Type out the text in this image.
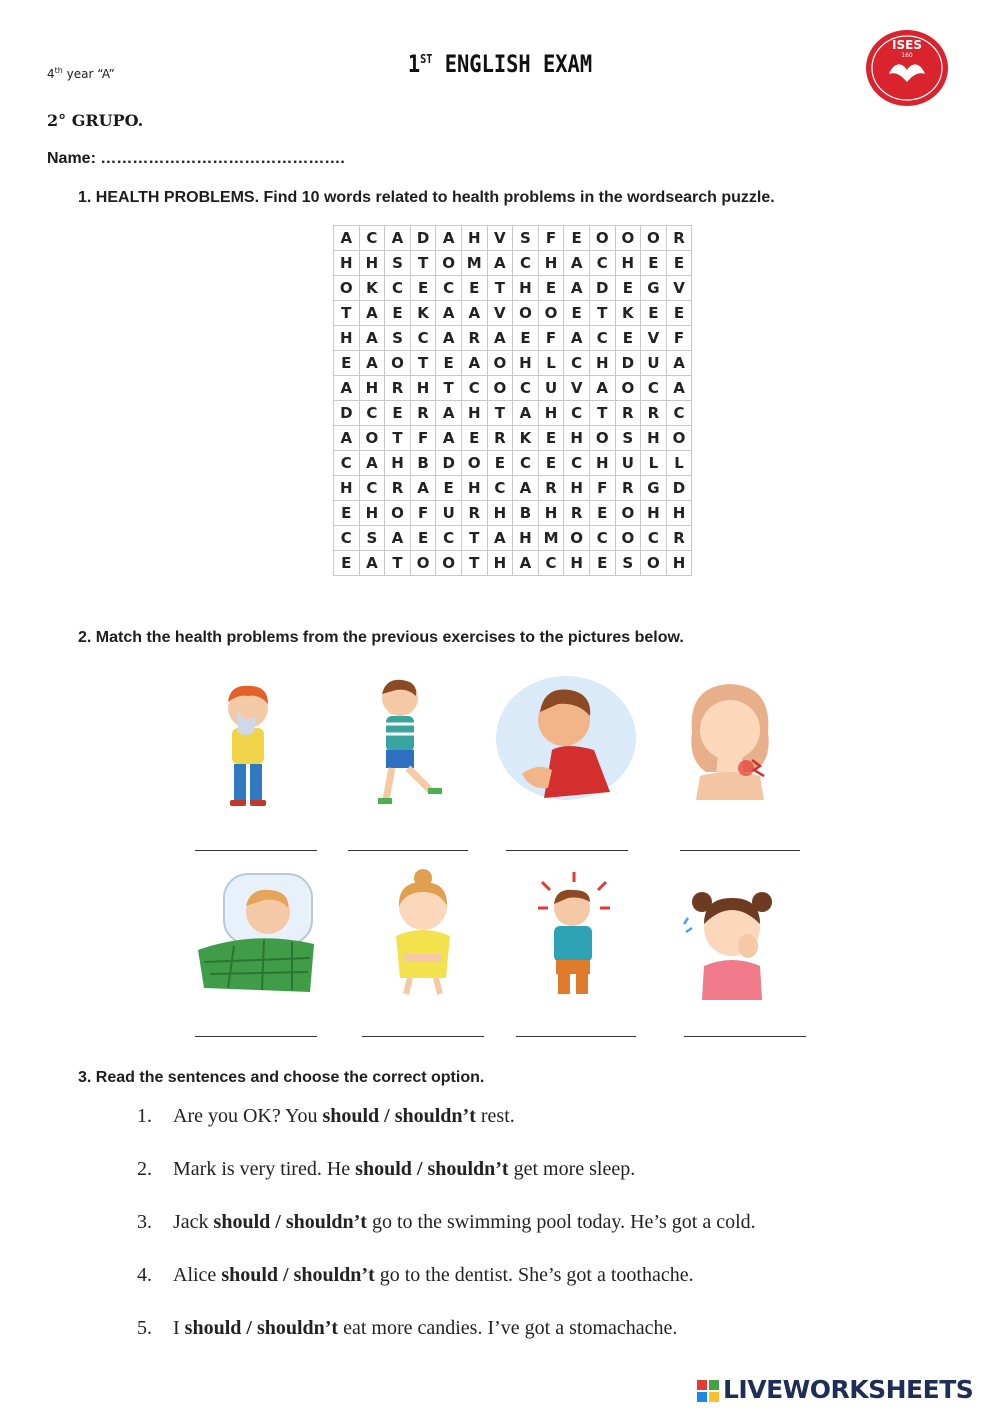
4th year “A”	1ST ENGLISH EXAM
ISES
160
2° GRUPO.
Name: ……………………………………….
1. HEALTH PROBLEMS. Find 10 words related to health problems in the wordsearch puzzle.
A	C	A	D	A	H	V	S	F	E	O	O	O	R
H	H	S	T	O	M	A	C	H	A	C	H	E	E
O	K	C	E	C	E	T	H	E	A	D	E	G	V
T	A	E	K	A	A	V	O	O	E	T	K	E	E
H	A	S	C	A	R	A	E	F	A	C	E	V	F
E	A	O	T	E	A	O	H	L	C	H	D	U	A
A	H	R	H	T	C	O	C	U	V	A	O	C	A
D	C	E	R	A	H	T	A	H	C	T	R	R	C
A	O	T	F	A	E	R	K	E	H	O	S	H	O
C	A	H	B	D	O	E	C	E	C	H	U	L	L
H	C	R	A	E	H	C	A	R	H	F	R	G	D
E	H	O	F	U	R	H	B	H	R	E	O	H	H
C	S	A	E	C	T	A	H	M	O	C	O	C	R
E	A	T	O	O	T	H	A	C	H	E	S	O	H
2. Match the health problems from the previous exercises to the pictures below.
3. Read the sentences and choose the correct option.
1. Are you OK? You should / shouldn’t rest.
2. Mark is very tired. He should / shouldn’t get more sleep.
3. Jack should / shouldn’t go to the swimming pool today. He’s got a cold.
4. Alice should / shouldn’t go to the dentist. She’s got a toothache.
5. I should / shouldn’t eat more candies. I’ve got a stomachache.
LIVEWORKSHEETS
